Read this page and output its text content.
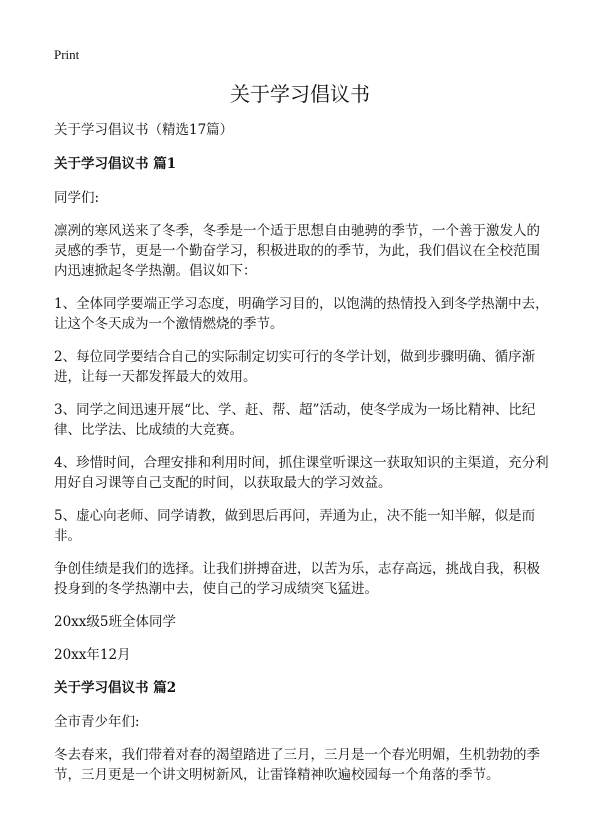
Print
关于学习倡议书

关于学习倡议书（精选17篇）

关于学习倡议书 篇1

同学们:

凛冽的寒风送来了冬季，冬季是一个适于思想自由驰骋的季节，一个善于激发人的灵感的季节，更是一个勤奋学习，积极进取的的季节，为此，我们倡议在全校范围内迅速掀起冬学热潮。倡议如下：

1、全体同学要端正学习态度，明确学习目的，以饱满的热情投入到冬学热潮中去，让这个冬天成为一个激情燃烧的季节。

2、每位同学要结合自己的实际制定切实可行的冬学计划，做到步骤明确、循序渐进，让每一天都发挥最大的效用。

3、同学之间迅速开展“比、学、赶、帮、超”活动，使冬学成为一场比精神、比纪律、比学法、比成绩的大竞赛。

4、珍惜时间，合理安排和利用时间，抓住课堂听课这一获取知识的主渠道，充分利用好自习课等自己支配的时间，以获取最大的学习效益。

5、虚心向老师、同学请教，做到思后再问，弄通为止，决不能一知半解，似是而非。

争创佳绩是我们的选择。让我们拼搏奋进，以苦为乐，志存高远，挑战自我，积极投身到的冬学热潮中去，使自己的学习成绩突飞猛进。

20xx级5班全体同学

20xx年12月

关于学习倡议书 篇2

全市青少年们:

冬去春来，我们带着对春的渴望踏进了三月，三月是一个春光明媚，生机勃勃的季节，三月更是一个讲文明树新风，让雷锋精神吹遍校园每一个角落的季节。
